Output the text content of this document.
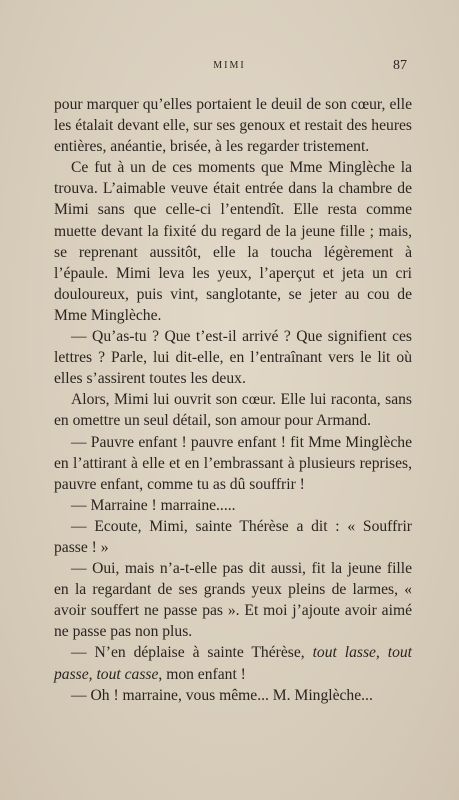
MIMI	87

pour marquer qu’elles portaient le deuil de son cœur, elle les étalait devant elle, sur ses genoux et restait des heures entières, anéantie, brisée, à les regarder tristement.

Ce fut à un de ces moments que Mme Minglèche la trouva. L’aimable veuve était entrée dans la chambre de Mimi sans que celle-ci l’entendît. Elle resta comme muette devant la fixité du regard de la jeune fille ; mais, se reprenant aussitôt, elle la toucha légèrement à l’épaule. Mimi leva les yeux, l’aperçut et jeta un cri douloureux, puis vint, sanglotante, se jeter au cou de Mme Minglèche.

— Qu’as-tu ? Que t’est-il arrivé ? Que signifient ces lettres ? Parle, lui dit-elle, en l’entraînant vers le lit où elles s’assirent toutes les deux.

Alors, Mimi lui ouvrit son cœur. Elle lui raconta, sans en omettre un seul détail, son amour pour Armand.

— Pauvre enfant ! pauvre enfant ! fit Mme Minglèche en l’attirant à elle et en l’embrassant à plusieurs reprises, pauvre enfant, comme tu as dû souffrir !

— Marraine ! marraine.....

— Ecoute, Mimi, sainte Thérèse a dit : « Souffrir passe ! »

— Oui, mais n’a-t-elle pas dit aussi, fit la jeune fille en la regardant de ses grands yeux pleins de larmes, « avoir souffert ne passe pas ». Et moi j’ajoute avoir aimé ne passe pas non plus.

— N’en déplaise à sainte Thérèse, tout lasse, tout passe, tout casse, mon enfant !

— Oh ! marraine, vous même... M. Minglèche...
